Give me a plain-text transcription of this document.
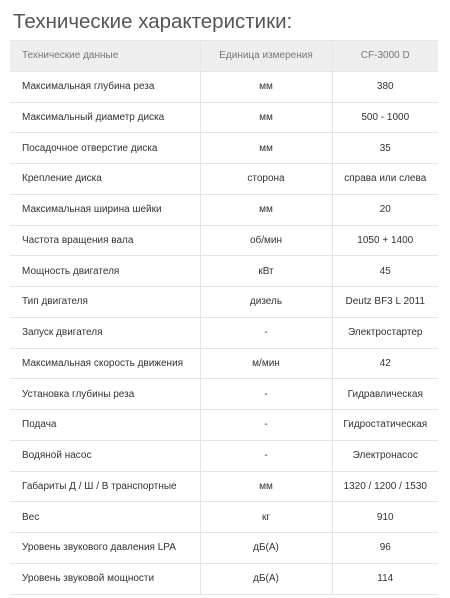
Технические характеристики:
Технические данные	Единица измерения	CF-3000 D
Максимальная глубина реза	мм	380
Максимальный диаметр диска	мм	500 - 1000
Посадочное отверстие диска	мм	35
Крепление диска	сторона	справа или слева
Максимальная ширина шейки	мм	20
Частота вращения вала	об/мин	1050 + 1400
Мощность двигателя	кВт	45
Тип двигателя	дизель	Deutz BF3 L 2011
Запуск двигателя	-	Электростартер
Максимальная скорость движения	м/мин	42
Установка глубины реза	-	Гидравлическая
Подача	-	Гидростатическая
Водяной насос	-	Электронасос
Габариты Д / Ш / В транспортные	мм	1320 / 1200 / 1530
Вес	кг	910
Уровень звукового давления LPA	дБ(А)	96
Уровень звуковой мощности	дБ(А)	114
